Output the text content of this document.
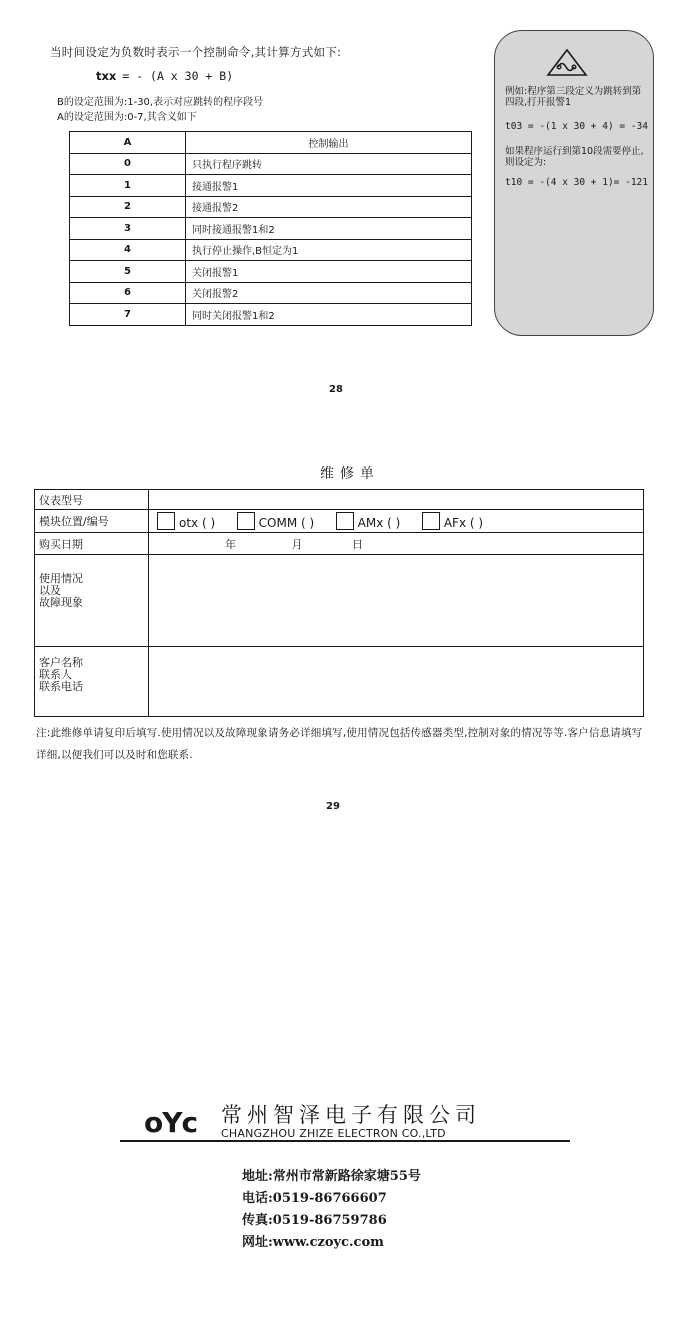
当时间设定为负数时表示一个控制命令,其计算方式如下:
txx = - (A x 30 + B)
B的设定范围为:1-30,表示对应跳转的程序段号
A的设定范围为:0-7,其含义如下
A	控制输出
0	只执行程序跳转
1	接通报警1
2	接通报警2
3	同时接通报警1和2
4	执行停止操作,B恒定为1
5	关闭报警1
6	关闭报警2
7	同时关闭报警1和2
例如:程序第三段定义为跳转到第四段,打开报警1
t03 = -(1 x 30 + 4) = -34
如果程序运行到第10段需要停止,则设定为:
t10 = -(4 x 30 + 1)= -121
28
维修单
仪表型号	
模块位置/编号	otx ( ) COMM ( ) AMx ( ) AFx ( )
购买日期	年 月 日

使用情况
以及
故障现象	

客户名称
联系人
联系电话	

注:此维修单请复印后填写.使用情况以及故障现象请务必详细填写,使用情况包括传感器类型,控制对象的情况等等.客户信息请填写详细,以便我们可以及时和您联系.
29
oYc 常州智泽电子有限公司
CHANGZHOU ZHIZE ELECTRON CO.,LTD
地址:常州市常新路徐家塘55号
电话:0519-86766607
传真:0519-86759786
网址:www.czoyc.com
